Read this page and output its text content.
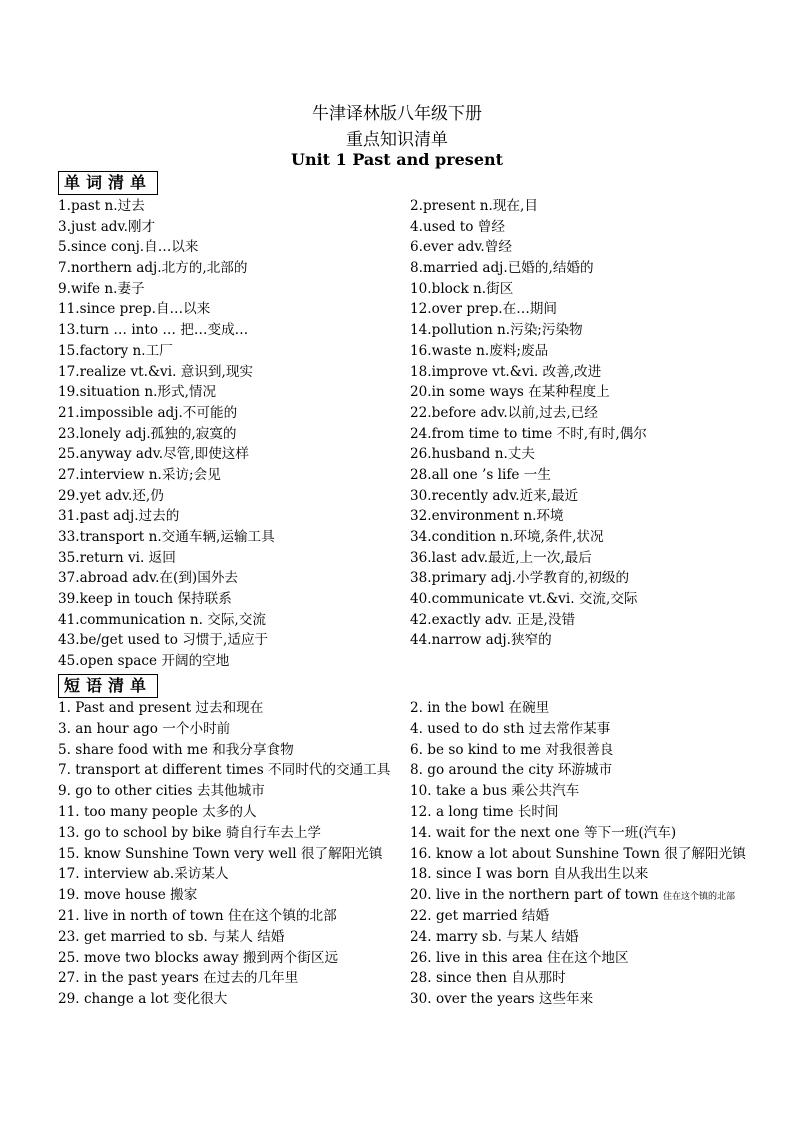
牛津译林版八年级下册
重点知识清单
Unit 1 Past and present
单词清单
1.past n.过去	2.present n.现在,目
3.just adv.刚才	4.used to 曾经
5.since conj.自…以来	6.ever adv.曾经
7.northern adj.北方的,北部的	8.married adj.已婚的,结婚的
9.wife n.妻子	10.block n.街区
11.since prep.自…以来	12.over prep.在…期间
13.turn … into … 把…变成…	14.pollution n.污染;污染物
15.factory n.工厂	16.waste n.废料;废品
17.realize vt.&vi. 意识到,现实	18.improve vt.&vi. 改善,改进
19.situation n.形式,情况	20.in some ways 在某种程度上
21.impossible adj.不可能的	22.before adv.以前,过去,已经
23.lonely adj.孤独的,寂寞的	24.from time to time 不时,有时,偶尔
25.anyway adv.尽管,即使这样	26.husband n.丈夫
27.interview n.采访;会见	28.all one ’s life 一生
29.yet adv.还,仍	30.recently adv.近来,最近
31.past adj.过去的	32.environment n.环境
33.transport n.交通车辆,运输工具	34.condition n.环境,条件,状况
35.return vi. 返回	36.last adv.最近,上一次,最后
37.abroad adv.在(到)国外去	38.primary adj.小学教育的,初级的
39.keep in touch 保持联系	40.communicate vt.&vi. 交流,交际
41.communication n. 交际,交流	42.exactly adv. 正是,没错
43.be/get used to 习惯于,适应于	44.narrow adj.狭窄的
45.open space 开阔的空地
短语清单
1. Past and present 过去和现在	2. in the bowl 在碗里
3. an hour ago 一个小时前	4. used to do sth 过去常作某事
5. share food with me 和我分享食物	6. be so kind to me 对我很善良
7. transport at different times 不同时代的交通工具	8. go around the city 环游城市
9. go to other cities 去其他城市	10. take a bus 乘公共汽车
11. too many people 太多的人	12. a long time 长时间
13. go to school by bike 骑自行车去上学	14. wait for the next one 等下一班(汽车)
15. know Sunshine Town very well 很了解阳光镇	16. know a lot about Sunshine Town 很了解阳光镇
17. interview ab.采访某人	18. since I was born 自从我出生以来
19. move house 搬家	20. live in the northern part of town 住在这个镇的北部
21. live in north of town 住在这个镇的北部	22. get married 结婚
23. get married to sb. 与某人 结婚	24. marry sb. 与某人 结婚
25. move two blocks away 搬到两个街区远	26. live in this area 住在这个地区
27. in the past years 在过去的几年里	28. since then 自从那时
29. change a lot 变化很大	30. over the years 这些年来
